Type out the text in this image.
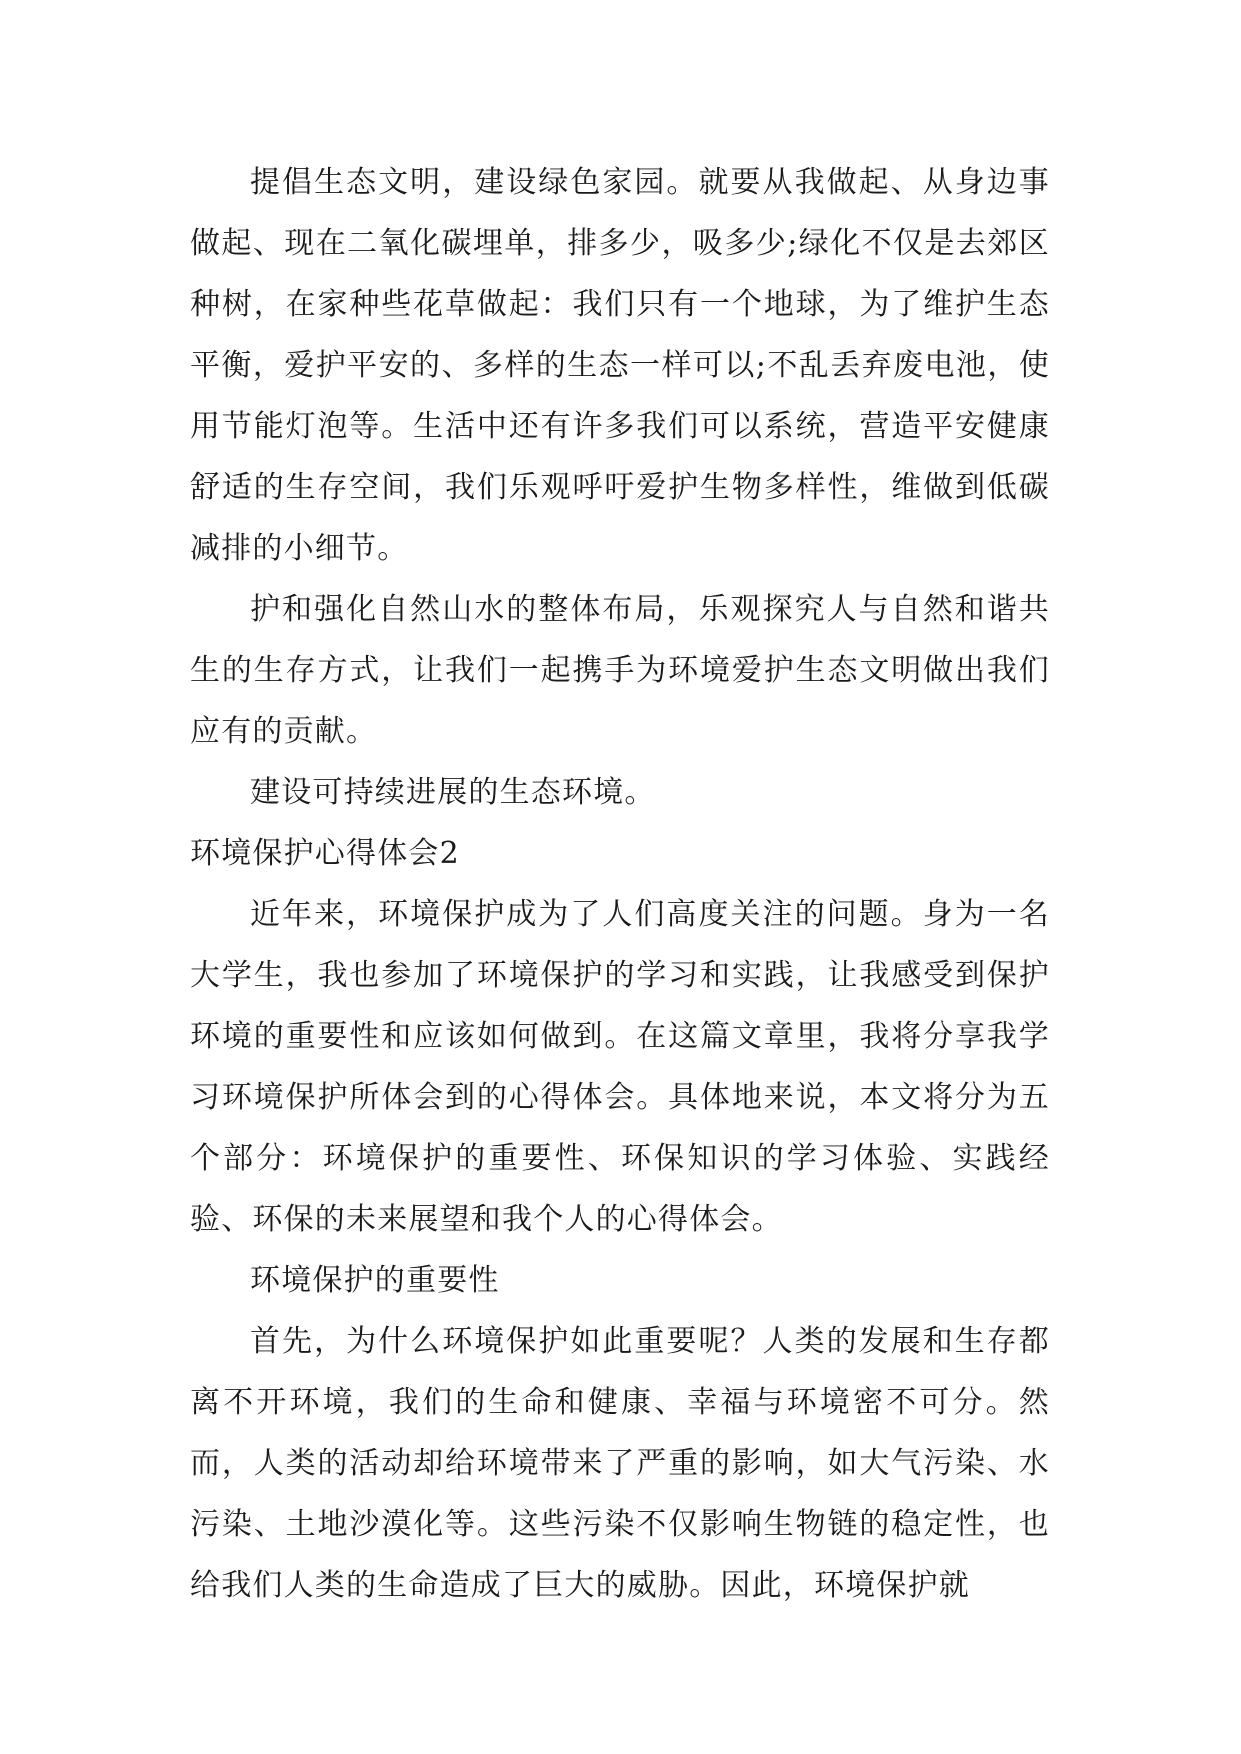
提倡生态文明，建设绿色家园。就要从我做起、从身边事做起、现在二氧化碳埋单，排多少，吸多少;绿化不仅是去郊区种树，在家种些花草做起：我们只有一个地球，为了维护生态平衡，爱护平安的、多样的生态一样可以;不乱丢弃废电池，使用节能灯泡等。生活中还有许多我们可以系统，营造平安健康舒适的生存空间，我们乐观呼吁爱护生物多样性，维做到低碳减排的小细节。

护和强化自然山水的整体布局，乐观探究人与自然和谐共生的生存方式，让我们一起携手为环境爱护生态文明做出我们应有的贡献。

建设可持续进展的生态环境。

环境保护心得体会2

近年来，环境保护成为了人们高度关注的问题。身为一名大学生，我也参加了环境保护的学习和实践，让我感受到保护环境的重要性和应该如何做到。在这篇文章里，我将分享我学习环境保护所体会到的心得体会。具体地来说，本文将分为五个部分：环境保护的重要性、环保知识的学习体验、实践经验、环保的未来展望和我个人的心得体会。

环境保护的重要性

首先，为什么环境保护如此重要呢？人类的发展和生存都离不开环境，我们的生命和健康、幸福与环境密不可分。然而，人类的活动却给环境带来了严重的影响，如大气污染、水污染、土地沙漠化等。这些污染不仅影响生物链的稳定性，也给我们人类的生命造成了巨大的威胁。因此，环境保护就
